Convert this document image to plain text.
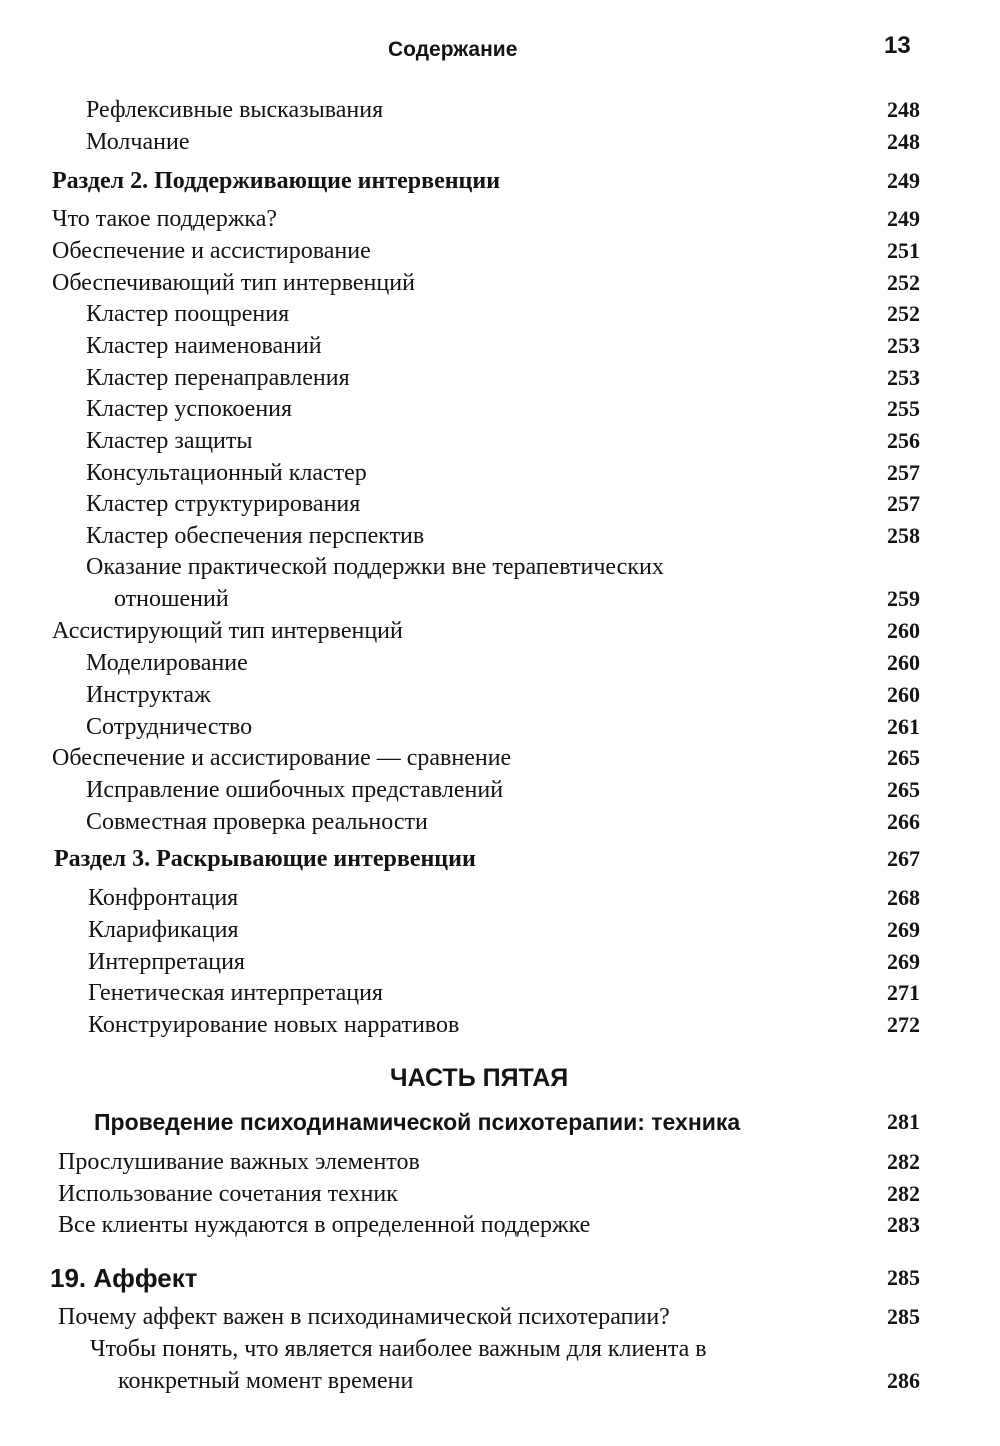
Содержание	13
Рефлексивные высказывания	248
Молчание	248
Раздел 2. Поддерживающие интервенции	249
Что такое поддержка?	249
Обеспечение и ассистирование	251
Обеспечивающий тип интервенций	252
Кластер поощрения	252
Кластер наименований	253
Кластер перенаправления	253
Кластер успокоения	255
Кластер защиты	256
Консультационный кластер	257
Кластер структурирования	257
Кластер обеспечения перспектив	258
Оказание практической поддержки вне терапевтических
отношений	259
Ассистирующий тип интервенций	260
Моделирование	260
Инструктаж	260
Сотрудничество	261
Обеспечение и ассистирование — сравнение	265
Исправление ошибочных представлений	265
Совместная проверка реальности	266
Раздел 3. Раскрывающие интервенции	267
Конфронтация	268
Кларификация	269
Интерпретация	269
Генетическая интерпретация	271
Конструирование новых нарративов	272
ЧАСТЬ ПЯТАЯ
Проведение психодинамической психотерапии: техника	281
Прослушивание важных элементов	282
Использование сочетания техник	282
Все клиенты нуждаются в определенной поддержке	283
19. Аффект	285
Почему аффект важен в психодинамической психотерапии?	285
Чтобы понять, что является наиболее важным для клиента в
конкретный момент времени	286
